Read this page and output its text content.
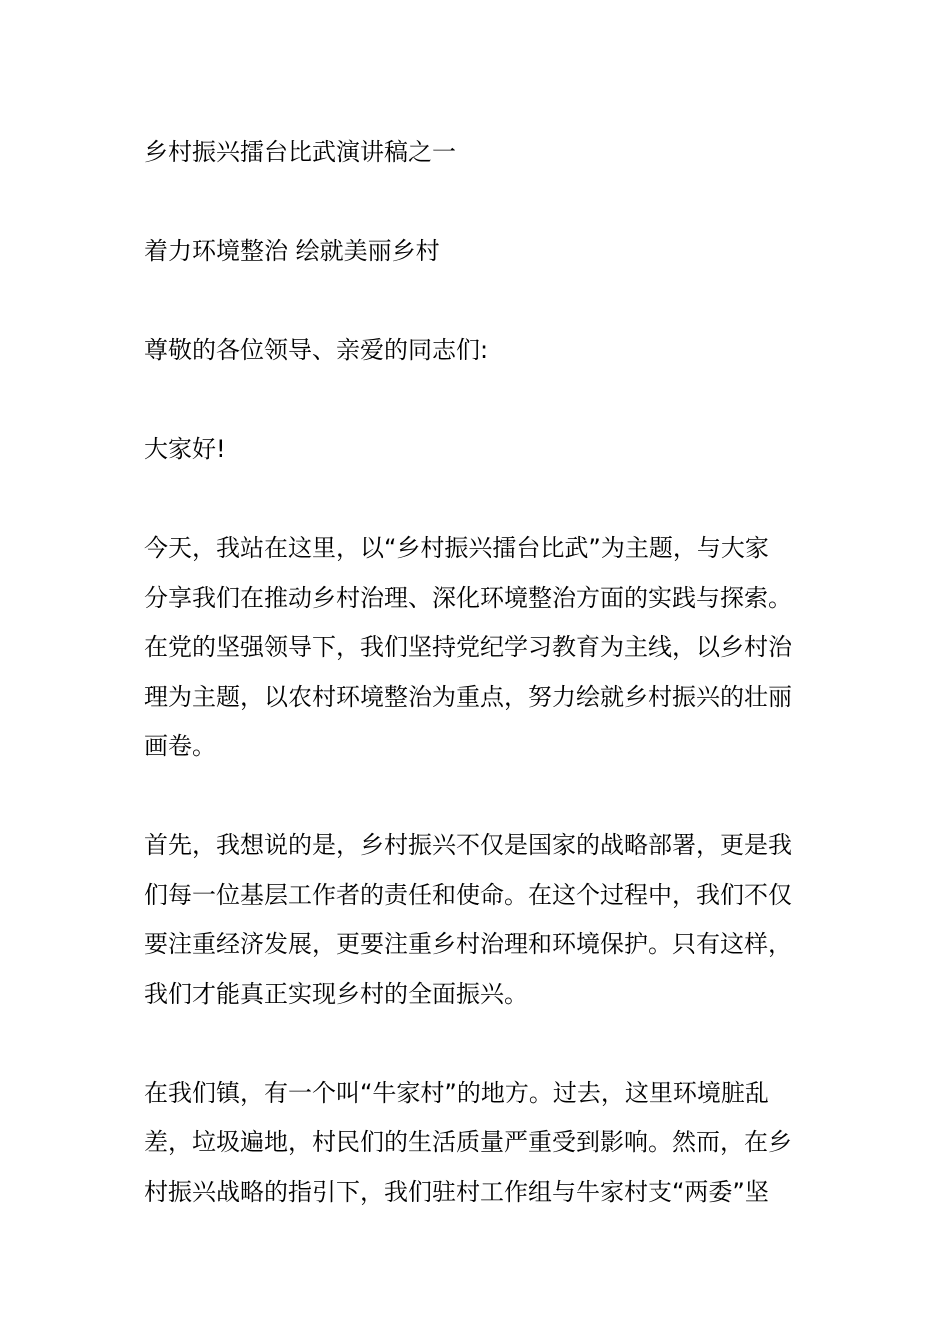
乡村振兴擂台比武演讲稿之一

着力环境整治 绘就美丽乡村

尊敬的各位领导、亲爱的同志们:

大家好!

今天，我站在这里，以“乡村振兴擂台比武”为主题，与大家

分享我们在推动乡村治理、深化环境整治方面的实践与探索。

在党的坚强领导下，我们坚持党纪学习教育为主线，以乡村治

理为主题，以农村环境整治为重点，努力绘就乡村振兴的壮丽

画卷。

首先，我想说的是，乡村振兴不仅是国家的战略部署，更是我

们每一位基层工作者的责任和使命。在这个过程中，我们不仅

要注重经济发展，更要注重乡村治理和环境保护。只有这样，

我们才能真正实现乡村的全面振兴。

在我们镇，有一个叫“牛家村”的地方。过去，这里环境脏乱

差，垃圾遍地，村民们的生活质量严重受到影响。然而，在乡

村振兴战略的指引下，我们驻村工作组与牛家村支“两委”坚
